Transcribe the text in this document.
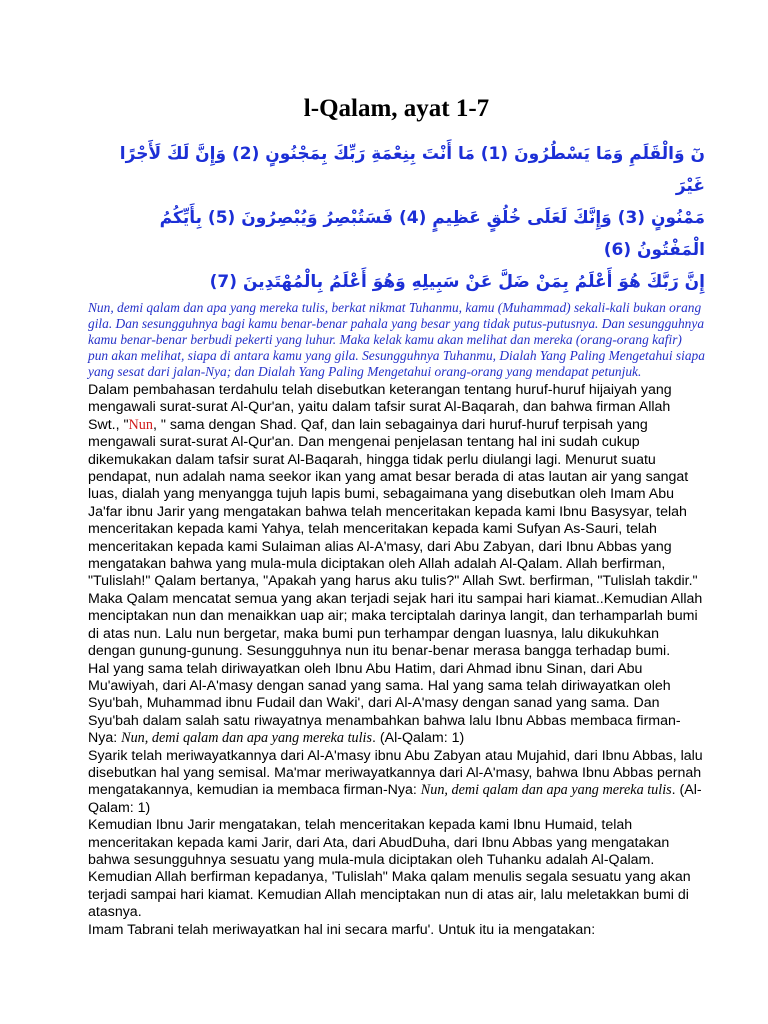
l-Qalam, ayat 1-7

نٓ وَالْقَلَمِ وَمَا يَسْطُرُونَ (1) مَا أَنْتَ بِنِعْمَةِ رَبِّكَ بِمَجْنُونٍ (2) وَإِنَّ لَكَ لَأَجْرًا غَيْرَ

مَمْنُونٍ (3) وَإِنَّكَ لَعَلَى خُلُقٍ عَظِيمٍ (4) فَسَتُبْصِرُ وَيُبْصِرُونَ (5) بِأَيِّكُمُ الْمَفْتُونُ (6)

إِنَّ رَبَّكَ هُوَ أَعْلَمُ بِمَنْ ضَلَّ عَنْ سَبِيلِهِ وَهُوَ أَعْلَمُ بِالْمُهْتَدِينَ (7)

Nun, demi qalam dan apa yang mereka tulis, berkat nikmat Tuhanmu, kamu (Muhammad) sekali-kali bukan orang gila. Dan sesungguhnya bagi kamu benar-benar pahala yang besar yang tidak putus-putusnya. Dan sesungguhnya kamu benar-benar berbudi pekerti yang luhur. Maka kelak kamu akan melihat dan mereka (orang-orang kafir) pun akan melihat, siapa di antara kamu yang gila. Sesungguhnya Tuhanmu, Dialah Yang Paling Mengetahui siapa yang sesat dari jalan-Nya; dan Dialah Yang Paling Mengetahui orang-orang yang mendapat petunjuk.

Dalam pembahasan terdahulu telah disebutkan keterangan tentang huruf-huruf hijaiyah yang mengawali surat-surat Al-Qur'an, yaitu dalam tafsir surat Al-Baqarah, dan bahwa firman Allah Swt., "Nun, " sama dengan Shad. Qaf, dan lain sebagainya dari huruf-huruf terpisah yang mengawali surat-surat Al-Qur'an. Dan mengenai penjelasan tentang hal ini sudah cukup dikemukakan dalam tafsir surat Al-Baqarah, hingga tidak perlu diulangi lagi. Menurut suatu pendapat, nun adalah nama seekor ikan yang amat besar berada di atas lautan air yang sangat luas, dialah yang menyangga tujuh lapis bumi, sebagaimana yang disebutkan oleh Imam Abu Ja'far ibnu Jarir yang mengatakan bahwa telah menceritakan kepada kami Ibnu Basysyar, telah menceritakan kepada kami Yahya, telah menceritakan kepada kami Sufyan As-Sauri, telah menceritakan kepada kami Sulaiman alias Al-A'masy, dari Abu Zabyan, dari Ibnu Abbas yang mengatakan bahwa yang mula-mula diciptakan oleh Allah adalah Al-Qalam. Allah berfirman, "Tulislah!" Qalam bertanya, "Apakah yang harus aku tulis?" Allah Swt. berfirman, "Tulislah takdir." Maka Qalam mencatat semua yang akan terjadi sejak hari itu sampai hari kiamat..Kemudian Allah menciptakan nun dan menaikkan uap air; maka terciptalah darinya langit, dan terhamparlah bumi di atas nun. Lalu nun bergetar, maka bumi pun terhampar dengan luasnya, lalu dikukuhkan dengan gunung-gunung. Sesungguhnya nun itu benar-benar merasa bangga terhadap bumi.

Hal yang sama telah diriwayatkan oleh Ibnu Abu Hatim, dari Ahmad ibnu Sinan, dari Abu Mu'awiyah, dari Al-A'masy dengan sanad yang sama. Hal yang sama telah diriwayatkan oleh Syu'bah, Muhammad ibnu Fudail dan Waki', dari Al-A'masy dengan sanad yang sama. Dan Syu'bah dalam salah satu riwayatnya menambahkan bahwa lalu Ibnu Abbas membaca firman-Nya: Nun, demi qalam dan apa yang mereka tulis. (Al-Qalam: 1)

Syarik telah meriwayatkannya dari Al-A'masy ibnu Abu Zabyan atau Mujahid, dari Ibnu Abbas, lalu disebutkan hal yang semisal. Ma'mar meriwayatkannya dari Al-A'masy, bahwa Ibnu Abbas pernah mengatakannya, kemudian ia membaca firman-Nya: Nun, demi qalam dan apa yang mereka tulis. (Al-Qalam: 1)

Kemudian Ibnu Jarir mengatakan, telah menceritakan kepada kami Ibnu Humaid, telah menceritakan kepada kami Jarir, dari Ata, dari AbudDuha, dari Ibnu Abbas yang mengatakan bahwa sesungguhnya sesuatu yang mula-mula diciptakan oleh Tuhanku adalah Al-Qalam. Kemudian Allah berfirman kepadanya, 'Tulislah" Maka qalam menulis segala sesuatu yang akan terjadi sampai hari kiamat. Kemudian Allah menciptakan nun di atas air, lalu meletakkan bumi di atasnya.

Imam Tabrani telah meriwayatkan hal ini secara marfu'. Untuk itu ia mengatakan:
